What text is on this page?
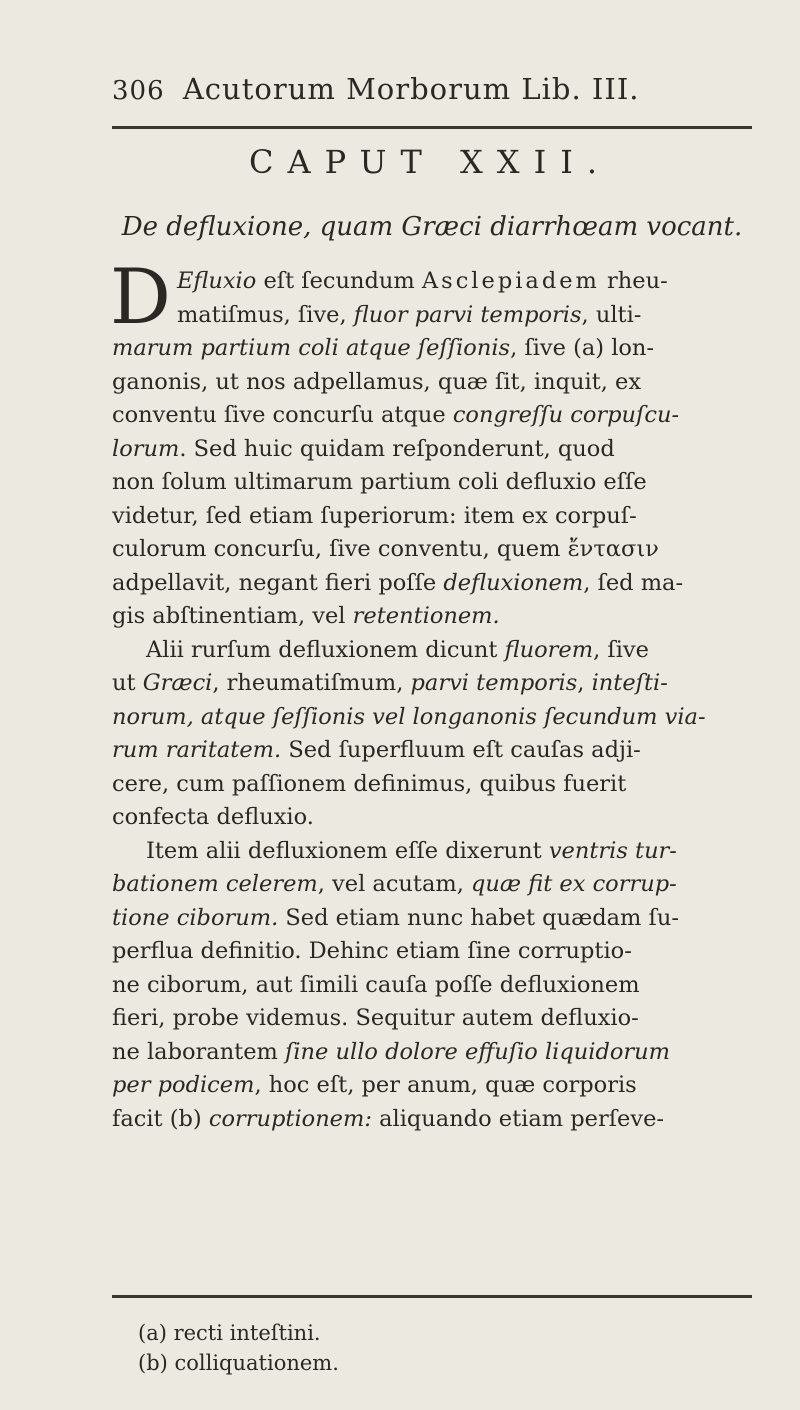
306 Acutorum Morborum Lib. III.
CAPUT XXII.
De defluxione, quam Græci diarrhœam vocant.
D Efluxio eſt ſecundum Asclepiadem rheu-
matiſmus, ſive, fluor parvi temporis, ulti-
marum partium coli atque ſeſſionis, ſive (a) lon-
ganonis, ut nos adpellamus, quæ ſit, inquit, ex
conventu ſive concurſu atque congreſſu corpuſcu-
lorum. Sed huic quidam reſponderunt, quod
non ſolum ultimarum partium coli defluxio eſſe
videtur, ſed etiam ſuperiorum: item ex corpuſ-
culorum concurſu, ſive conventu, quem ἔντασιν
adpellavit, negant fieri poſſe defluxionem, ſed ma-
gis abſtinentiam, vel retentionem.
Alii rurſum defluxionem dicunt fluorem, ſive
ut Græci, rheumatiſmum, parvi temporis, inteſti-
norum, atque ſeſſionis vel longanonis ſecundum via-
rum raritatem. Sed ſuperfluum eſt cauſas adji-
cere, cum paſſionem definimus, quibus fuerit
confecta defluxio.
Item alii defluxionem eſſe dixerunt ventris tur-
bationem celerem, vel acutam, quæ fit ex corrup-
tione ciborum. Sed etiam nunc habet quædam ſu-
perflua definitio. Dehinc etiam ſine corruptio-
ne ciborum, aut ſimili cauſa poſſe defluxionem
fieri, probe videmus. Sequitur autem defluxio-
ne laborantem ſine ullo dolore effuſio liquidorum
per podicem, hoc eſt, per anum, quæ corporis
facit (b) corruptionem: aliquando etiam perſeve-
(a) recti inteſtini.
(b) colliquationem.
